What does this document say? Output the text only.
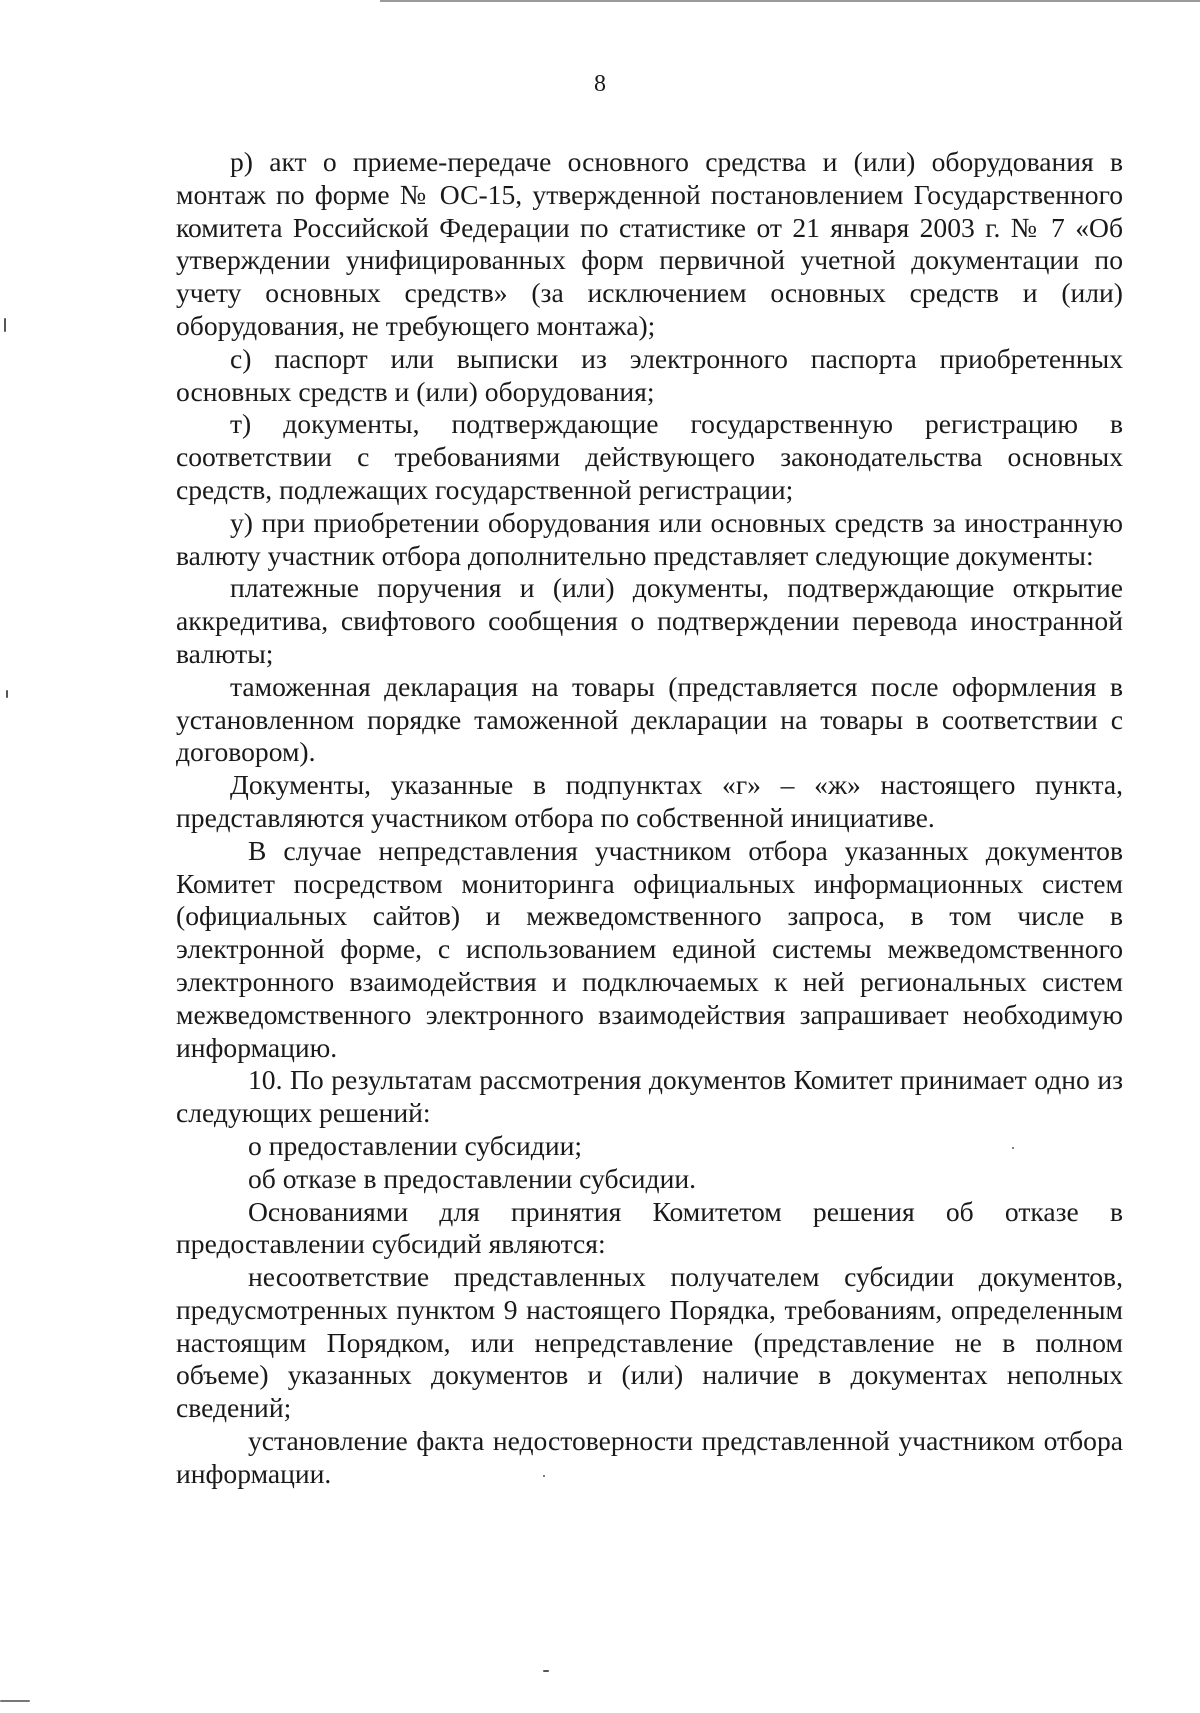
8

р) акт о приеме-передаче основного средства и (или) оборудования в монтаж по форме № ОС-15, утвержденной постановлением Государственного комитета Российской Федерации по статистике от 21 января 2003 г. № 7 «Об утверждении унифицированных форм первичной учетной документации по учету основных средств» (за исключением основных средств и (или) оборудования, не требующего монтажа);

с) паспорт или выписки из электронного паспорта приобретенных основных средств и (или) оборудования;

т) документы, подтверждающие государственную регистрацию в соответствии с требованиями действующего законодательства основных средств, подлежащих государственной регистрации;

у) при приобретении оборудования или основных средств за иностранную валюту участник отбора дополнительно представляет следующие документы:

платежные поручения и (или) документы, подтверждающие открытие аккредитива, свифтового сообщения о подтверждении перевода иностранной валюты;

таможенная декларация на товары (представляется после оформления в установленном порядке таможенной декларации на товары в соответствии с договором).

Документы, указанные в подпунктах «г» – «ж» настоящего пункта, представляются участником отбора по собственной инициативе.

В случае непредставления участником отбора указанных документов Комитет посредством мониторинга официальных информационных систем (официальных сайтов) и межведомственного запроса, в том числе в электронной форме, с использованием единой системы межведомственного электронного взаимодействия и подключаемых к ней региональных систем межведомственного электронного взаимодействия запрашивает необходимую информацию.

10. По результатам рассмотрения документов Комитет принимает одно из следующих решений:

о предоставлении субсидии;

об отказе в предоставлении субсидии.

Основаниями для принятия Комитетом решения об отказе в предоставлении субсидий являются:

несоответствие представленных получателем субсидии документов, предусмотренных пунктом 9 настоящего Порядка, требованиям, определенным настоящим Порядком, или непредставление (представление не в полном объеме) указанных документов и (или) наличие в документах неполных сведений;

установление факта недостоверности представленной участником отбора информации.
